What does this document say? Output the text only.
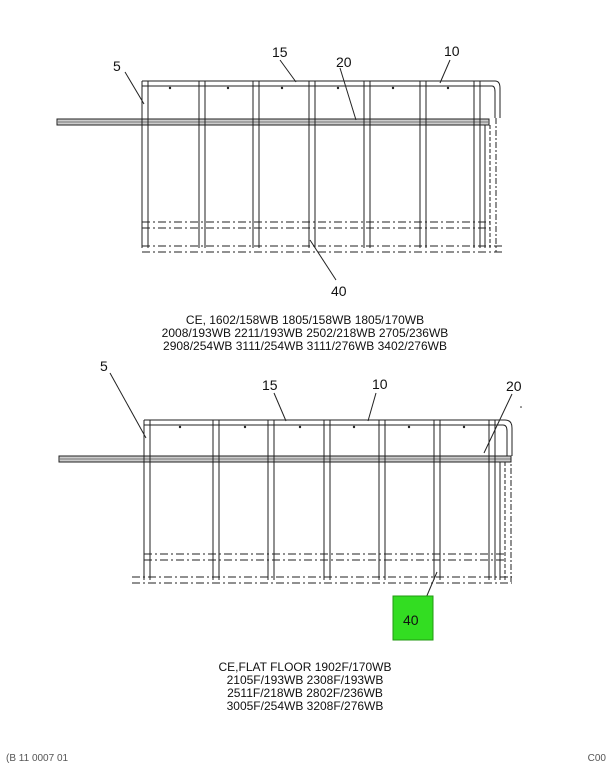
5
15
20
10
40
5
15	10	20
40
CE, 1602/158WB 1805/158WB 1805/170WB
2008/193WB 2211/193WB 2502/218WB 2705/236WB
2908/254WB 3111/254WB 3111/276WB 3402/276WB
CE,FLAT FLOOR 1902F/170WB
2105F/193WB 2308F/193WB
2511F/218WB 2802F/236WB
3005F/254WB 3208F/276WB
(B 11 0007 01	C00
